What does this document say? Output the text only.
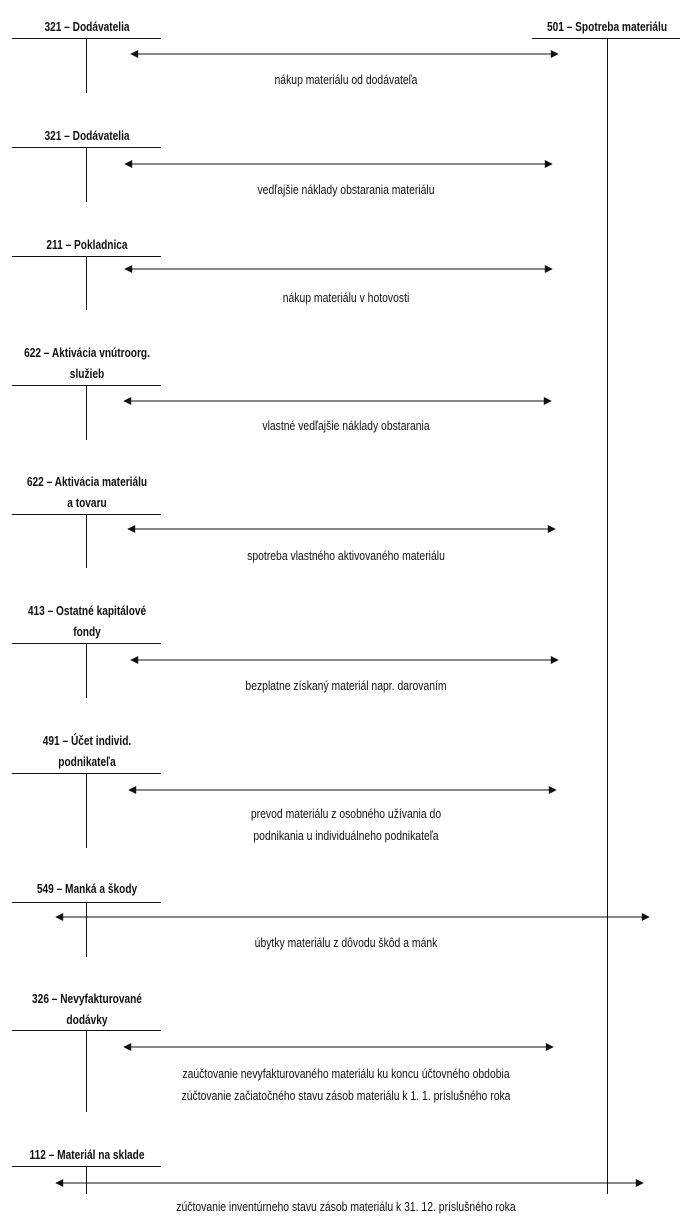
501 – Spotreba materiálu
321 – Dodávatelia
nákup materiálu od dodávateľa
321 – Dodávatelia
vedľajšie náklady obstarania materiálu
211 – Pokladnica
nákup materiálu v hotovosti
622 – Aktivácia vnútroorg.
služieb
vlastné vedľajšie náklady obstarania
622 – Aktivácia materiálu
a tovaru
spotreba vlastného aktivovaného materiálu
413 – Ostatné kapitálové
fondy
bezplatne získaný materiál napr. darovaním
491 – Účet individ.
podnikateľa
prevod materiálu z osobného užívania do
podnikania u individuálneho podnikateľa
549 – Manká a škody
úbytky materiálu z dôvodu škôd a mánk
326 – Nevyfakturované
dodávky
zaúčtovanie nevyfakturovaného materiálu ku koncu účtovného obdobia
zúčtovanie začiatočného stavu zásob materiálu k 1. 1. príslušného roka
112 – Materiál na sklade
zúčtovanie inventúrneho stavu zásob materiálu k 31. 12. príslušného roka
